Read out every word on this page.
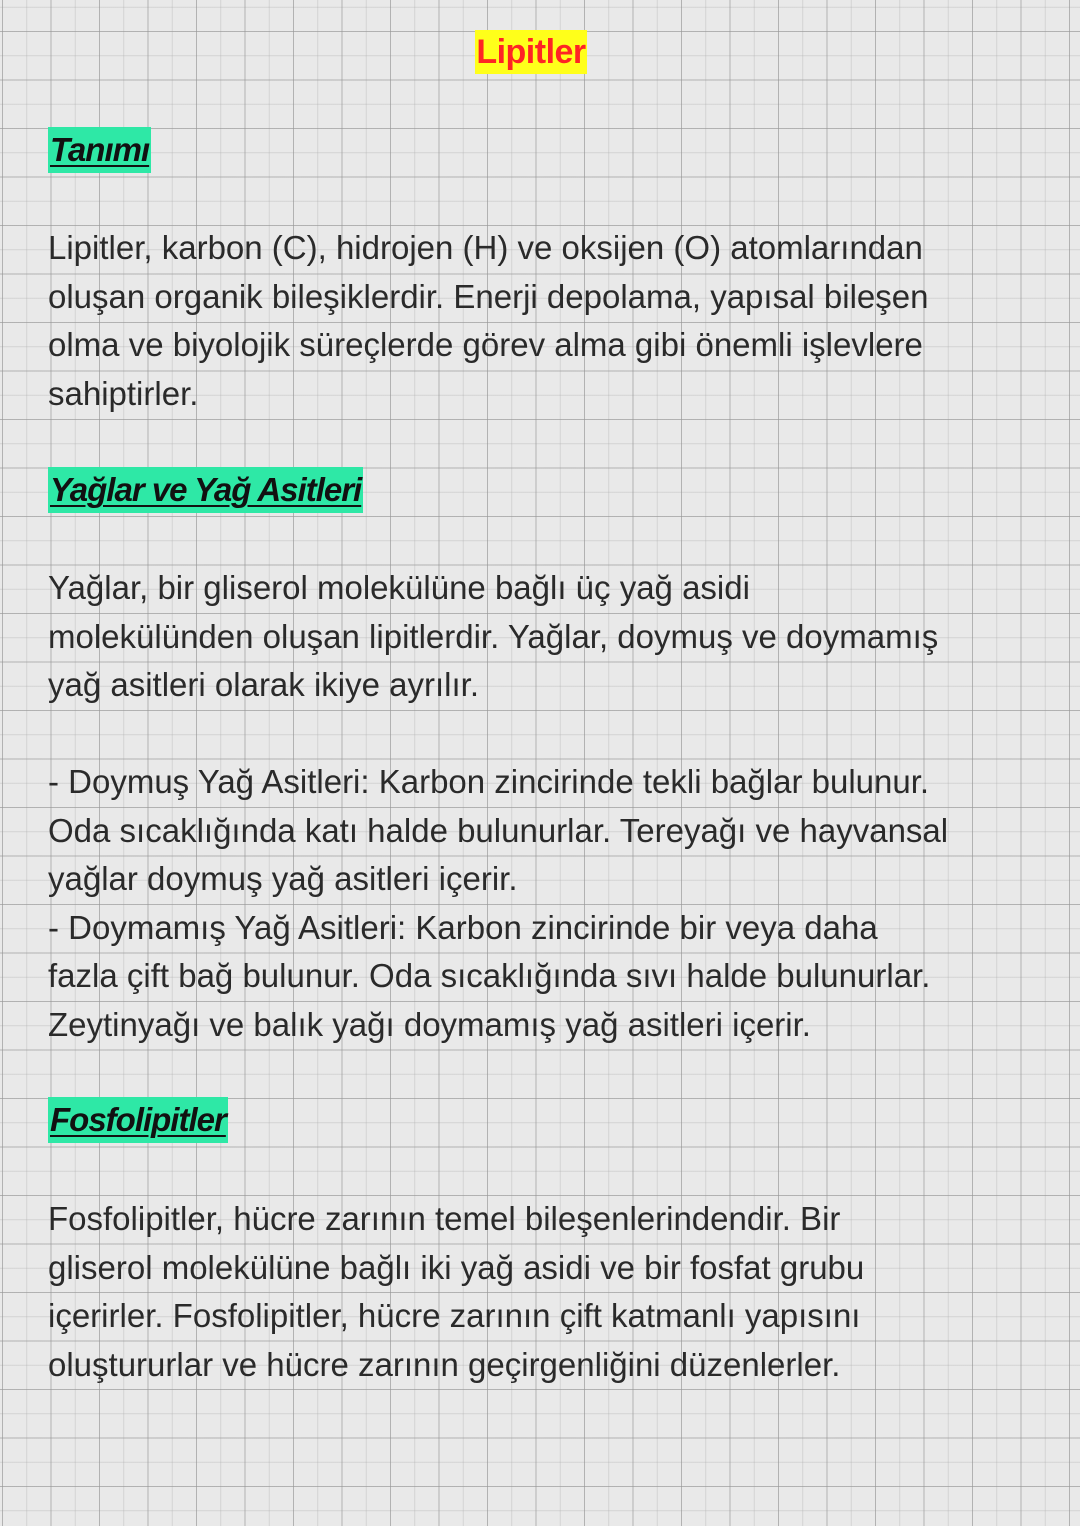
Lipitler
Tanımı
Lipitler, karbon (C), hidrojen (H) ve oksijen (O) atomlarından
oluşan organik bileşiklerdir. Enerji depolama, yapısal bileşen
olma ve biyolojik süreçlerde görev alma gibi önemli işlevlere
sahiptirler.
Yağlar ve Yağ Asitleri
Yağlar, bir gliserol molekülüne bağlı üç yağ asidi
molekülünden oluşan lipitlerdir. Yağlar, doymuş ve doymamış
yağ asitleri olarak ikiye ayrılır.
- Doymuş Yağ Asitleri: Karbon zincirinde tekli bağlar bulunur.
Oda sıcaklığında katı halde bulunurlar. Tereyağı ve hayvansal
yağlar doymuş yağ asitleri içerir.
- Doymamış Yağ Asitleri: Karbon zincirinde bir veya daha
fazla çift bağ bulunur. Oda sıcaklığında sıvı halde bulunurlar.
Zeytinyağı ve balık yağı doymamış yağ asitleri içerir.
Fosfolipitler
Fosfolipitler, hücre zarının temel bileşenlerindendir. Bir
gliserol molekülüne bağlı iki yağ asidi ve bir fosfat grubu
içerirler. Fosfolipitler, hücre zarının çift katmanlı yapısını
oluştururlar ve hücre zarının geçirgenliğini düzenlerler.
